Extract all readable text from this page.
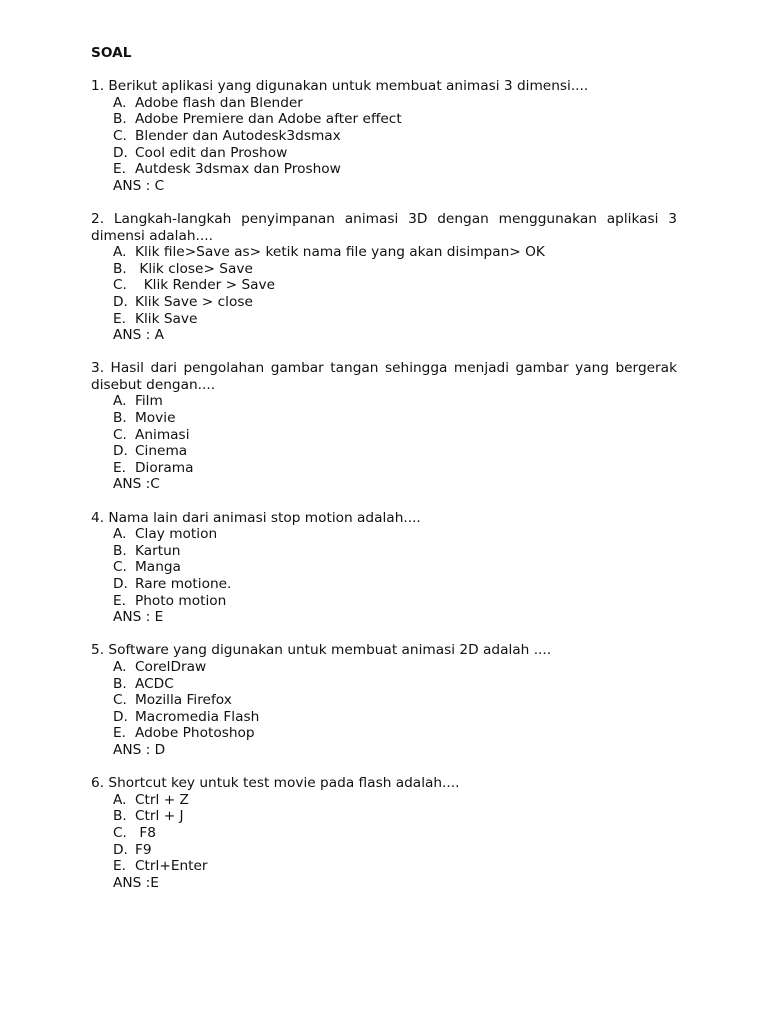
SOAL
1. Berikut aplikasi yang digunakan untuk membuat animasi 3 dimensi....
A. Adobe flash dan Blender
B. Adobe Premiere dan Adobe after effect
C. Blender dan Autodesk3dsmax
D. Cool edit dan Proshow
E. Autdesk 3dsmax dan Proshow
ANS : C
2. Langkah-langkah penyimpanan animasi 3D dengan menggunakan aplikasi 3 dimensi adalah....
A. Klik file>Save as> ketik nama file yang akan disimpan> OK
B. Klik close> Save
C.  Klik Render > Save
D. Klik Save > close
E. Klik Save
ANS : A
3. Hasil dari pengolahan gambar tangan sehingga menjadi gambar yang bergerak disebut dengan....
A. Film
B. Movie
C. Animasi
D. Cinema
E. Diorama
ANS :C
4. Nama lain dari animasi stop motion adalah....
A. Clay motion
B. Kartun
C. Manga
D. Rare motione.
E. Photo motion
ANS : E
5. Software yang digunakan untuk membuat animasi 2D adalah ....
A. CorelDraw
B. ACDC
C. Mozilla Firefox
D. Macromedia Flash
E. Adobe Photoshop
ANS : D
6. Shortcut key untuk test movie pada flash adalah....
A. Ctrl + Z
B. Ctrl + J
C. F8
D. F9
E. Ctrl+Enter
ANS :E
